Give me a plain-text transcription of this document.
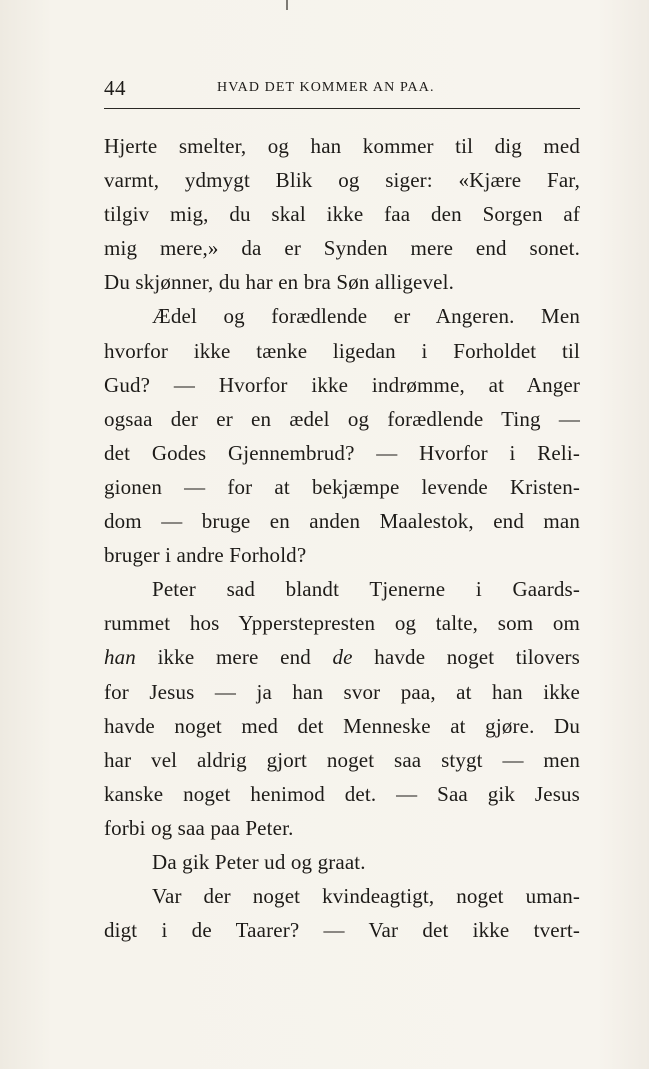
44	HVAD DET KOMMER AN PAA.
Hjerte smelter, og han kommer til dig med
varmt, ydmygt Blik og siger: «Kjære Far,
tilgiv mig, du skal ikke faa den Sorgen af
mig mere,» da er Synden mere end sonet.
Du skjønner, du har en bra Søn alligevel.
Ædel og forædlende er Angeren. Men
hvorfor ikke tænke ligedan i Forholdet til
Gud? — Hvorfor ikke indrømme, at Anger
ogsaa der er en ædel og forædlende Ting —
det Godes Gjennembrud? — Hvorfor i Reli-
gionen — for at bekjæmpe levende Kristen-
dom — bruge en anden Maalestok, end man
bruger i andre Forhold?
Peter sad blandt Tjenerne i Gaards-
rummet hos Ypperstepresten og talte, som om
han ikke mere end de havde noget tilovers
for Jesus — ja han svor paa, at han ikke
havde noget med det Menneske at gjøre. Du
har vel aldrig gjort noget saa stygt — men
kanske noget henimod det. — Saa gik Jesus
forbi og saa paa Peter.
Da gik Peter ud og graat.
Var der noget kvindeagtigt, noget uman-
digt i de Taarer? — Var det ikke tvert-
